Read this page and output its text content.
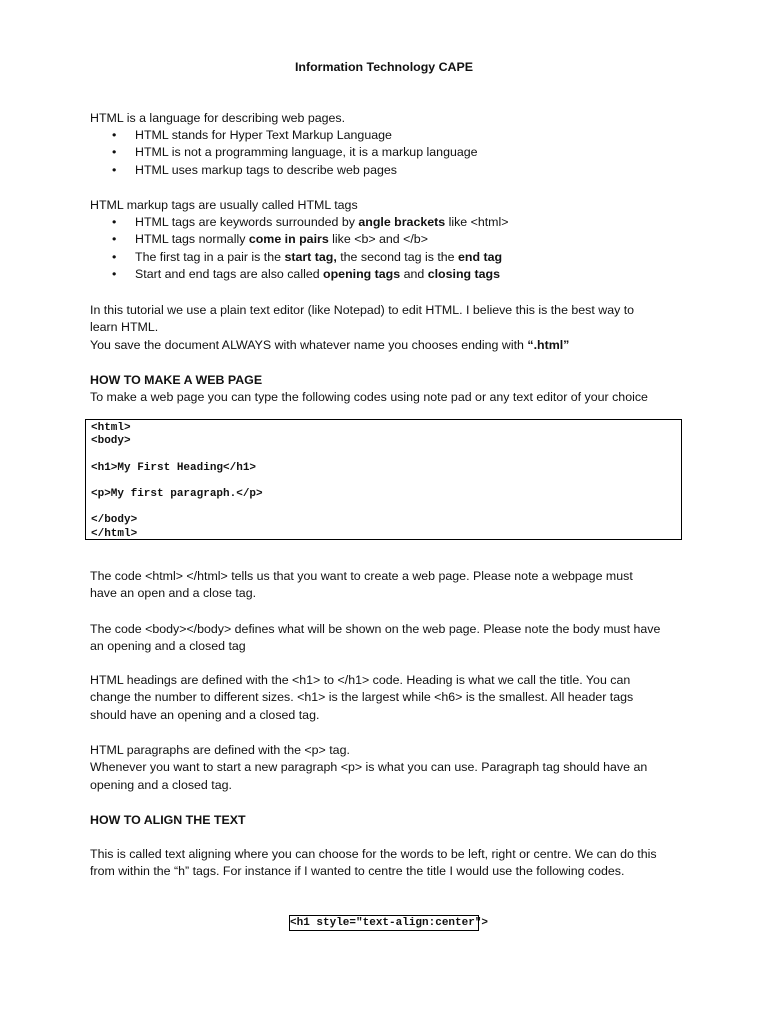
Information Technology CAPE

HTML is a language for describing web pages.

• HTML stands for Hyper Text Markup Language
• HTML is not a programming language, it is a markup language
• HTML uses markup tags to describe web pages

HTML markup tags are usually called HTML tags

• HTML tags are keywords surrounded by angle brackets like <html>
• HTML tags normally come in pairs like <b> and </b>
• The first tag in a pair is the start tag, the second tag is the end tag
• Start and end tags are also called opening tags and closing tags

In this tutorial we use a plain text editor (like Notepad) to edit HTML. I believe this is the best way to
learn HTML.
You save the document ALWAYS with whatever name you chooses ending with “.html”

HOW TO MAKE A WEB PAGE

To make a web page you can type the following codes using note pad or any text editor of your choice

<html>
<body>
<h1>My First Heading</h1>
<p>My first paragraph.</p>
</body>
</html>

The code <html> </html> tells us that you want to create a web page. Please note a webpage must
have an open and a close tag.

The code <body></body> defines what will be shown on the web page. Please note the body must have
an opening and a closed tag

HTML headings are defined with the <h1> to </h1> code. Heading is what we call the title. You can
change the number to different sizes. <h1> is the largest while <h6> is the smallest. All header tags
should have an opening and a closed tag.

HTML paragraphs are defined with the <p> tag.
Whenever you want to start a new paragraph <p> is what you can use. Paragraph tag should have an
opening and a closed tag.

HOW TO ALIGN THE TEXT

This is called text aligning where you can choose for the words to be left, right or centre. We can do this
from within the “h” tags. For instance if I wanted to centre the title I would use the following codes.

<h1 style="text-align:center">
